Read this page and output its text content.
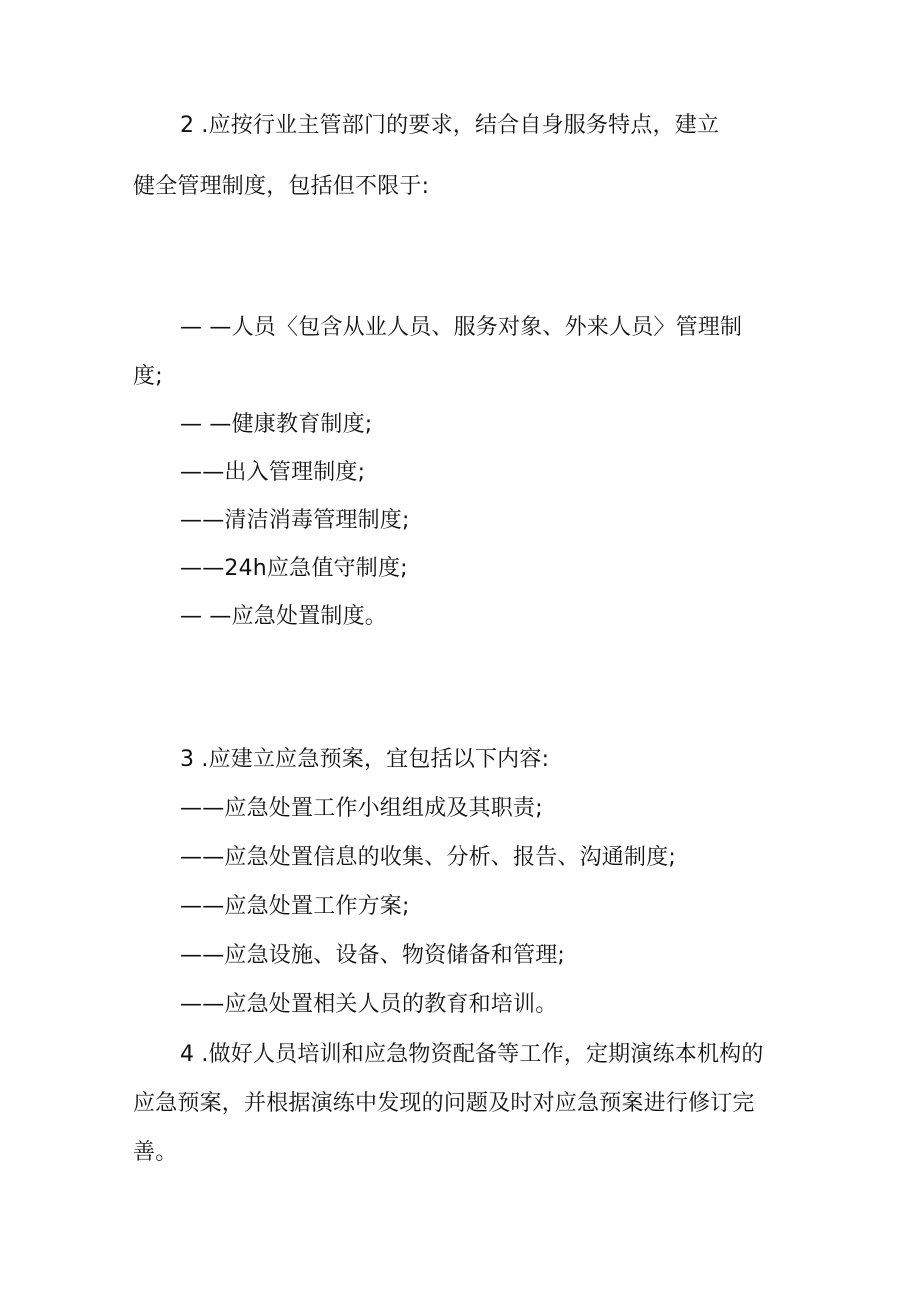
2 .应按行业主管部门的要求，结合自身服务特点，建立
健全管理制度，包括但不限于:
— —人员〈包含从业人员、服务对象、外来人员〉管理制
度;
— —健康教育制度;
——出入管理制度;
——清洁消毒管理制度;
——24h应急值守制度;
— —应急处置制度。
3 .应建立应急预案，宜包括以下内容:
——应急处置工作小组组成及其职责;
——应急处置信息的收集、分析、报告、沟通制度;
——应急处置工作方案;
——应急设施、设备、物资储备和管理;
——应急处置相关人员的教育和培训。
4 .做好人员培训和应急物资配备等工作，定期演练本机构的
应急预案，并根据演练中发现的问题及时对应急预案进行修订完
善。
